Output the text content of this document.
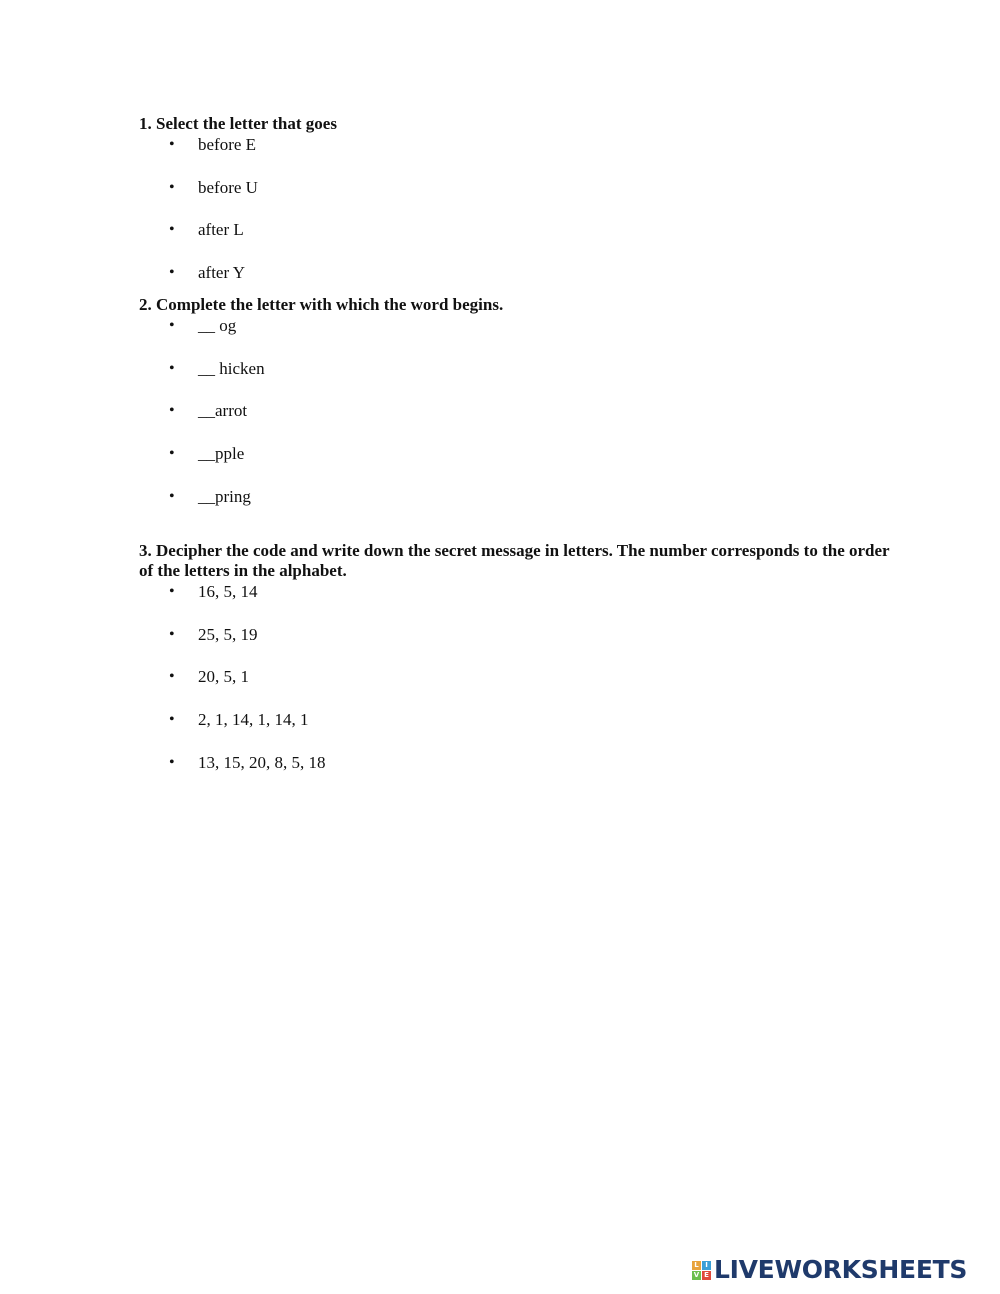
1. Select the letter that goes

• before E
• before U
• after L
• after Y

2. Complete the letter with which the word begins.

• __ og
• __ hicken
• __arrot
• __pple
• __pring

3. Decipher the code and write down the secret message in letters. The number corresponds to the order of the letters in the alphabet.

• 16, 5, 14
• 25, 5, 19
• 20, 5, 1
• 2, 1, 14, 1, 14, 1
• 13, 15, 20, 8, 5, 18
L I
V E LIVEWORKSHEETS
